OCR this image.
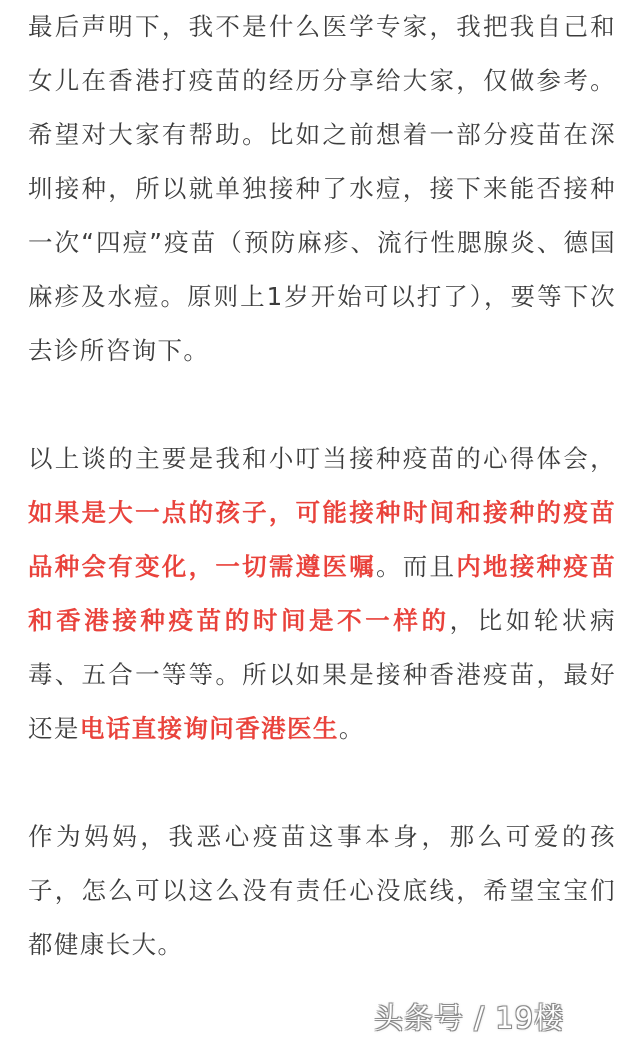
最后声明下，我不是什么医学专家，我把我自己和女儿在香港打疫苗的经历分享给大家，仅做参考。希望对大家有帮助。比如之前想着一部分疫苗在深圳接种，所以就单独接种了水痘，接下来能否接种一次“四痘”疫苗（预防麻疹、流行性腮腺炎、德国麻疹及水痘。原则上1岁开始可以打了），要等下次去诊所咨询下。

以上谈的主要是我和小叮当接种疫苗的心得体会，如果是大一点的孩子，可能接种时间和接种的疫苗品种会有变化，一切需遵医嘱。而且内地接种疫苗和香港接种疫苗的时间是不一样的，比如轮状病毒、五合一等等。所以如果是接种香港疫苗，最好还是电话直接询问香港医生。

作为妈妈，我恶心疫苗这事本身，那么可爱的孩子，怎么可以这么没有责任心没底线，希望宝宝们都健康长大。

头条号 / 19楼
